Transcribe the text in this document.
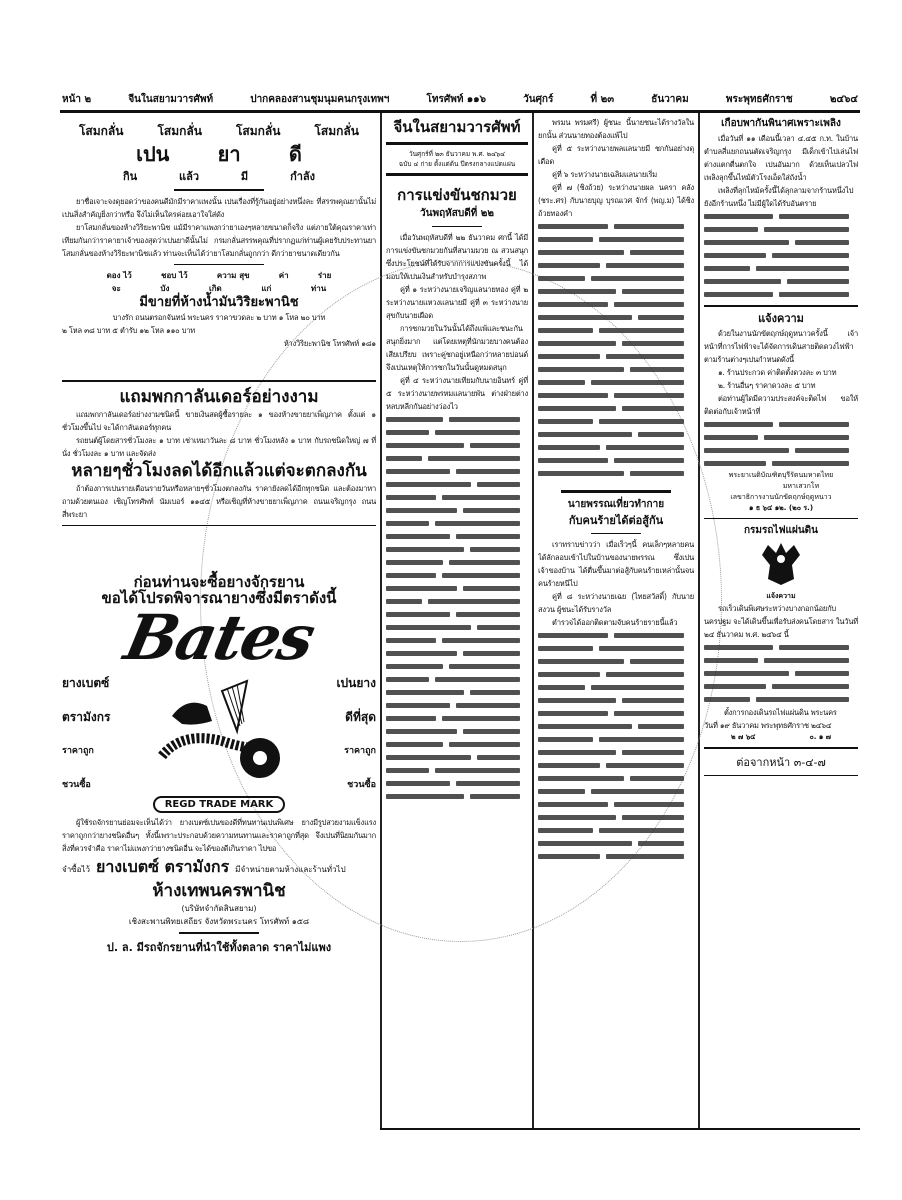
หน้า ๒	จีนในสยามวารศัพท์	ปากคลองสานชุมนุมคนกรุงเทพฯ	โทรศัพท์ ๑๑๖	วันศุกร์	ที่ ๒๓	ธันวาคม	พระพุทธศักราช	๒๔๖๔
โสมกลั่น	โสมกลั่น	โสมกลั่น	โสมกลั่น
เปน ยา ดี
กิน	แล้ว	มี	กำลัง

ยาชื่อเจาะจงดุยอดว่าของคนดีมักมีราคาแพงนั้น เปนเรื่องที่รู้กันอยู่อย่างหนึ่งละ ที่สรรพคุณยานั้นไม่เปนสิ่งสำคัญยิ่งกว่าหรือ จึงไม่เห็นใครค่อยเอาใจใส่ดัง

ยาโสมกลั่นของห้างวิริยะพานิช แม้มีราคาแพงกว่ายาเองๆหลายขนาดก็จริง แต่ภายใต้คุณราคาเท่าเทียมกันกว่าราคายาเจ้าของสุดว่าเปนยาดีนั้นไม่ กรมกลั่นสรรพคุณที่ปรากฏแก่ท่านผู้เคยรับประทานยาโสมกลั่นของห้างวิริยะพานิชแล้ว ท่านจะเห็นได้ว่ายาโสมกลั่นถูกกว่า ดีกว่ายาขนาดเดียวกัน

ดอง ไว้	ชอบ ไว้	ความ สุข	ค่า	ร่าย
จะ	บัง	เกิด	แก่	ท่าน
มีขายที่ห้างน้ำมันวิริยะพานิช
บางรัก ถนนตรอกจันทน์ พระนคร ราคาขวดละ ๒ บาท ๑ โหล ๒๐ บาท
๒ โหล ๓๘ บาท ๕ ตำรับ ๑๒ โหล ๑๑๐ บาท
ห้างวิริยะพานิช โทรศัพท์ ๑๘๑
แถมพกกาลันเดอร์อย่างงาม

แถมพกกาลันเดอร์อย่างงามชนิดนี้ ขายเงินสดผู้ซื้อรายละ ๑ ของห้างขายยาเพ็ญภาค ตั้งแต่ ๑ ชั่วโมงขึ้นไป จะได้กาลันเดอร์ทุกคน

รถยนต์ผู้โดยสารชั่วโมงละ ๑ บาท เช่าเหมาวันละ ๘ บาท ชั่วโมงหลัง ๑ บาท กับรถชนิดใหญ่ ๗ ที่นั่ง ชั่วโมงละ ๑ บาท และจัดส่ง

หลายๆชั่วโมงลดได้อีกแล้วแต่จะตกลงกัน

ถ้าต้องการเปนรายเดือนรายวันหรือหลายๆชั่วโมงตกลงกัน ราคายังลดได้อีกทุกชนิด และต้องมาหาถามด้วยตนเอง เชิญโทรศัพท์ นัมเบอร์ ๑๑๔๕ หรือเชิญที่ห้างขายยาเพ็ญภาค ถนนเจริญกรุง ถนนสี่พระยา

ก่อนท่านจะซื้อยางจักรยาน
ขอได้โปรดพิจารณายางซึ่งมีตราดังนี้
Bates
ยางเบตซ์
ตรามังกร
ราคาถูก
ชวนซื้อ
เปนยาง
ดีที่สุด
ราคาถูก
ชวนซื้อ
REGD TRADE MARK

ผู้ใช้รถจักรยานย่อมจะเห็นได้ว่า ยางเบตซ์เปนของดีที่ทนทานเปนพิเศษ ยางมีรูปสวยงามแข็งแรง ราคาถูกกว่ายางชนิดอื่นๆ ทั้งนี้เพราะประกอบด้วยความทนทานและราคาถูกที่สุด จึงเปนที่นิยมกันมาก สิ่งที่ควรจำคือ ราคาไม่แพงกว่ายางชนิดอื่น จะได้ของดีเกินราคา ไปขอ

จำซื้อไว้ ยางเบตซ์ ตรามังกร มีจำหน่ายตามห้างและร้านทั่วไป
ห้างเทพนครพานิช
(บริษัทจำกัดสินสยาม)
เชิงสะพานพิทยเสถียร จังหวัดพระนคร โทรศัพท์ ๑๕๘
ป. ล. มีรถจักรยานที่นำใช้ทั้งตลาด ราคาไม่แพง
จีนในสยามวารศัพท์
วันศุกร์ที่ ๒๓ ธันวาคม พ.ศ. ๒๔๖๔
ฉบับ ๔ ก่าย ตั้งแต่ต้น ปีตรงกลางแปดแผ่น
การแข่งขันชกมวย
วันพฤหัสบดีที่ ๒๒

เมื่อวันพฤหัสบดีที่ ๒๒ ธันวาคม ศกนี้ ได้มีการแข่งขันชกมวยกันที่สนามมวย ณ สวนสนุก ซึ่งประโยชน์ที่ได้รับจากการแข่งขันครั้งนี้ ได้มอบให้เปนเงินสำหรับบำรุงสภาพ

คู่ที่ ๑ ระหว่างนายเจริญแลนายทอง คู่ที่ ๒ ระหว่างนายแหวงแลนายมี คู่ที่ ๓ ระหว่างนายสุขกับนายเผือด

การชกมวยในวันนั้นได้ถึงแพ้และชนะกันสนุกยิ่งมาก แต่โดยเหตุที่นักมวยบางคนต้องเสียเปรียบ เพราะคู่ชกอยู่เหนือกว่าหลายปอนด์ จึงเปนเหตุให้การชกในวันนั้นดูหมดสนุก

คู่ที่ ๔ ระหว่างนายเทียมกับนายอินทร์ คู่ที่ ๕ ระหว่างนายพรหมแลนายพัน ต่างฝ่ายต่างหลบหลีกกันอย่างว่องไว

พรมน พรมศรี) ผู้ชนะ นี้นายชนะได้รางวัลในยกนั้น ส่วนนายทองต้องแพ้ไป

คู่ที่ ๕ ระหว่างนายพลแลนายมี ชกกันอย่างดุเดือด

คู่ที่ ๖ ระหว่างนายเฉลิมแลนายเริ่ม

คู่ที่ ๗ (ชิงถ้วย) ระหว่างนายผล นครา คลัง (ชระ.ศร) กับนายบุญ บุรณเวศ จักร์ (พญ.ม) ได้ชิงถ้วยทองคำ

นายพรรณเที่ยวทำกาย
กับคนร้ายได้ต่อสู้กัน

เราทราบข่าวว่า เมื่อเร็วๆนี้ คนเล็กๆหลายคนได้ลักลอบเข้าไปในบ้านของนายพรรณ ซึ่งเปนเจ้าของบ้าน ได้ตื่นขึ้นมาต่อสู้กับคนร้ายเหล่านั้นจนคนร้ายหนีไป

คู่ที่ ๘ ระหว่างนายเฉย (ไทยสวัสดิ์) กับนายสงวน ผู้ชนะได้รับรางวัล

ตำรวจได้ออกติดตามจับคนร้ายรายนี้แล้ว

เกือบพากันพินาศเพราะเพลิง

เมื่อวันที่ ๑๑ เดือนนี้เวลา ๔.๔๕ ก.ท. ในบ้านตำบลสี่แยกถนนตัดเจริญกรุง มีเด็กเข้าไปเล่นไฟ ต่างแตกตื่นตกใจ เปนอันมาก ด้วยเห็นเปลวไฟ เพลิงลุกขึ้นไหม้ตัวโรงเอ็ดใส่ถังน้ำ

เพลิงที่ลุกไหม้ครั้งนี้ได้ลุกลามจากร้านหนึ่งไปยังอีกร้านหนึ่ง ไม่มีผู้ใดได้รับอันตราย

แจ้งความ

ด้วยในงานนักขัตฤกษ์ฤดูหนาวครั้งนี้ เจ้าหน้าที่การไฟฟ้าจะได้จัดการเดินสายติดดวงไฟฟ้าตามร้านต่างๆเปนกำหนดดังนี้

๑. ร้านประกวด ค่าติดตั้งดวงละ ๓ บาท

๒. ร้านอื่นๆ ราคาดวงละ ๕ บาท

ต่อท่านผู้ใดมีความประสงค์จะติดไฟ ขอให้ติดต่อกับเจ้าหน้าที่

พระยาเนติบัณฑิตบุรีรัตนมหาดไทย
มหาเสวกโท
เลขาธิการงานนักขัตฤกษ์ฤดูหนาว
๑ ธ ๖๔ ๑๒. (๒๐ ร.)
กรมรถไฟแผ่นดิน
แจ้งความ

รถเร็วเดินพิเศษระหว่างบางกอกน้อยกับนครปฐม จะได้เดินขึ้นเพื่อรับส่งคนโดยสาร ในวันที่ ๒๔ ธันวาคม พ.ศ. ๒๔๖๔ นี้

ตั้งการกองเดินรถไฟแผ่นดิน พระนคร
วันที่ ๑๙ ธันวาคม พระพุทธศักราช ๒๔๖๔
๒ ๗ ๖๔	๐. ๑ ๗
ต่อจากหน้า ๓-๔-๗
